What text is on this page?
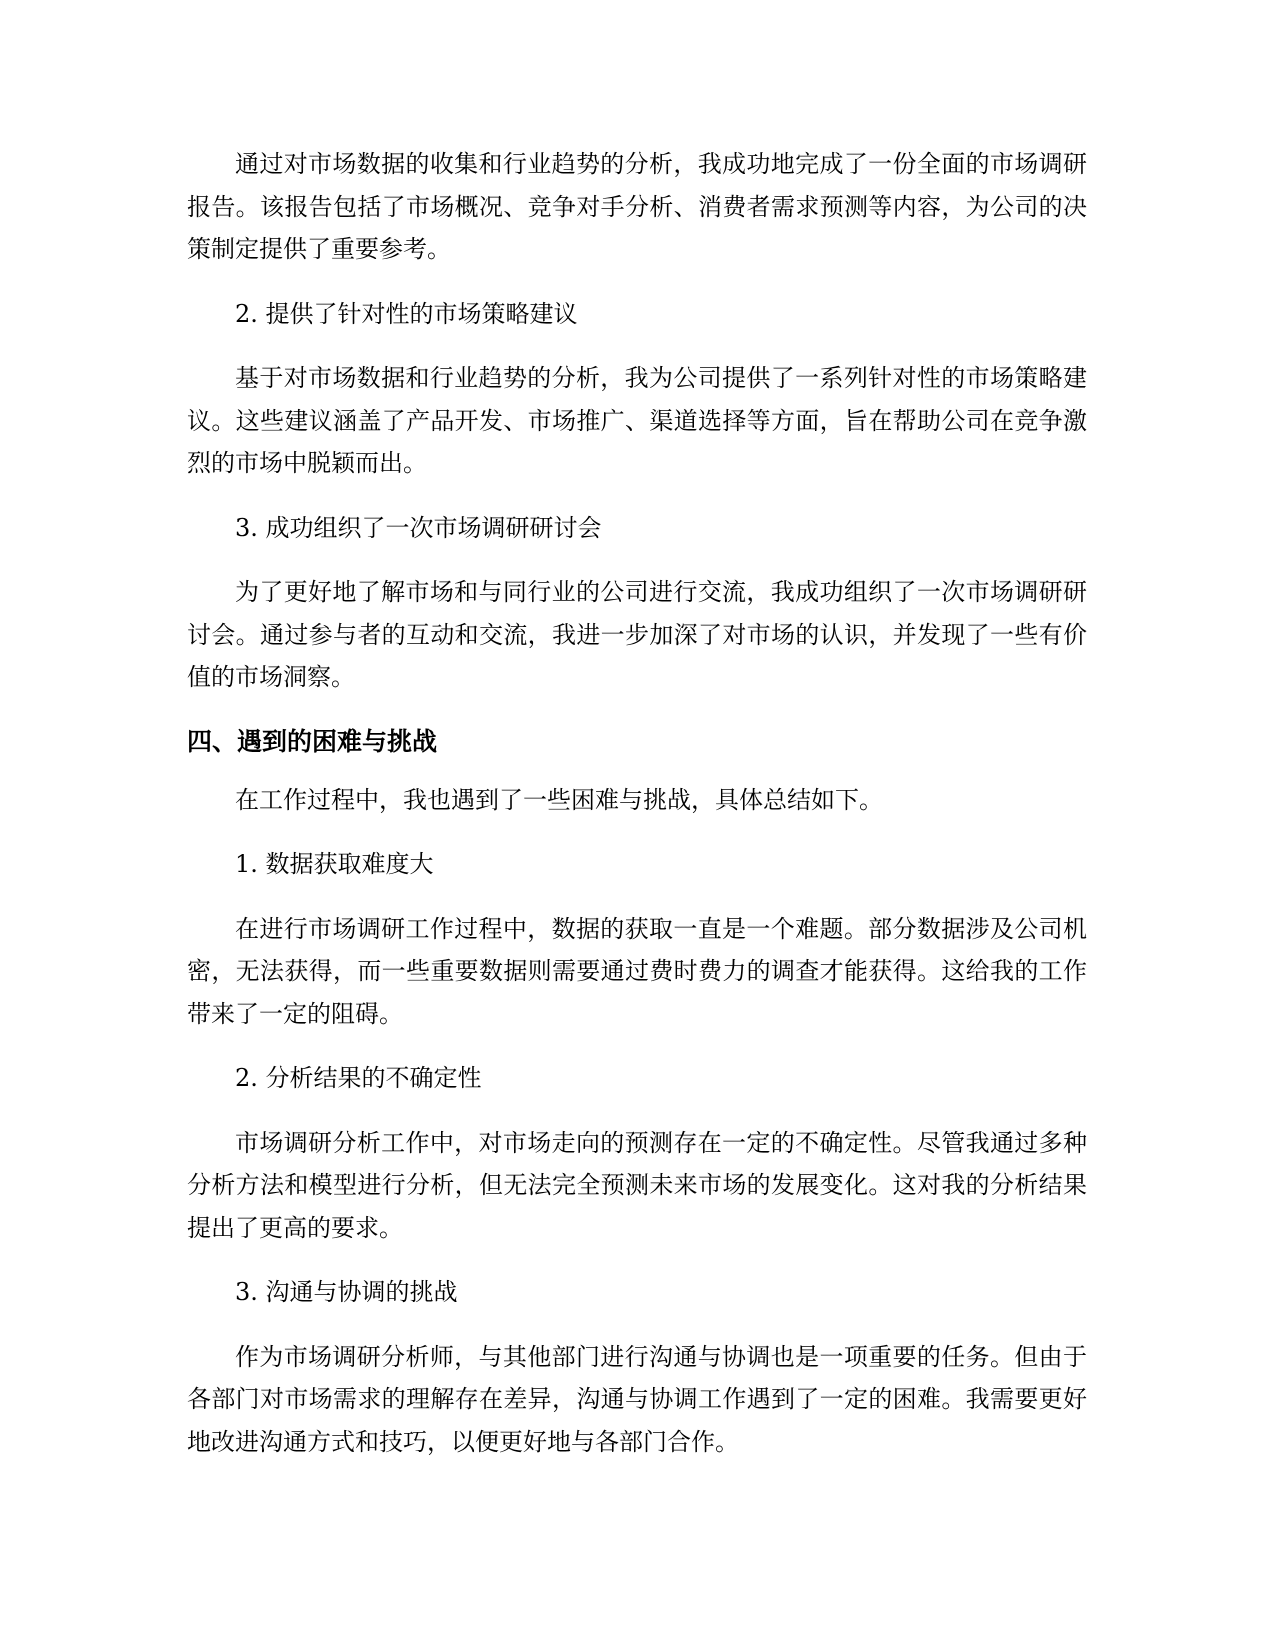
通过对市场数据的收集和行业趋势的分析，我成功地完成了一份全面的市场调研报告。该报告包括了市场概况、竞争对手分析、消费者需求预测等内容，为公司的决策制定提供了重要参考。

2. 提供了针对性的市场策略建议

基于对市场数据和行业趋势的分析，我为公司提供了一系列针对性的市场策略建议。这些建议涵盖了产品开发、市场推广、渠道选择等方面，旨在帮助公司在竞争激烈的市场中脱颖而出。

3. 成功组织了一次市场调研研讨会

为了更好地了解市场和与同行业的公司进行交流，我成功组织了一次市场调研研讨会。通过参与者的互动和交流，我进一步加深了对市场的认识，并发现了一些有价值的市场洞察。

四、遇到的困难与挑战

在工作过程中，我也遇到了一些困难与挑战，具体总结如下。

1. 数据获取难度大

在进行市场调研工作过程中，数据的获取一直是一个难题。部分数据涉及公司机密，无法获得，而一些重要数据则需要通过费时费力的调查才能获得。这给我的工作带来了一定的阻碍。

2. 分析结果的不确定性

市场调研分析工作中，对市场走向的预测存在一定的不确定性。尽管我通过多种分析方法和模型进行分析，但无法完全预测未来市场的发展变化。这对我的分析结果提出了更高的要求。

3. 沟通与协调的挑战

作为市场调研分析师，与其他部门进行沟通与协调也是一项重要的任务。但由于各部门对市场需求的理解存在差异，沟通与协调工作遇到了一定的困难。我需要更好地改进沟通方式和技巧，以便更好地与各部门合作。
